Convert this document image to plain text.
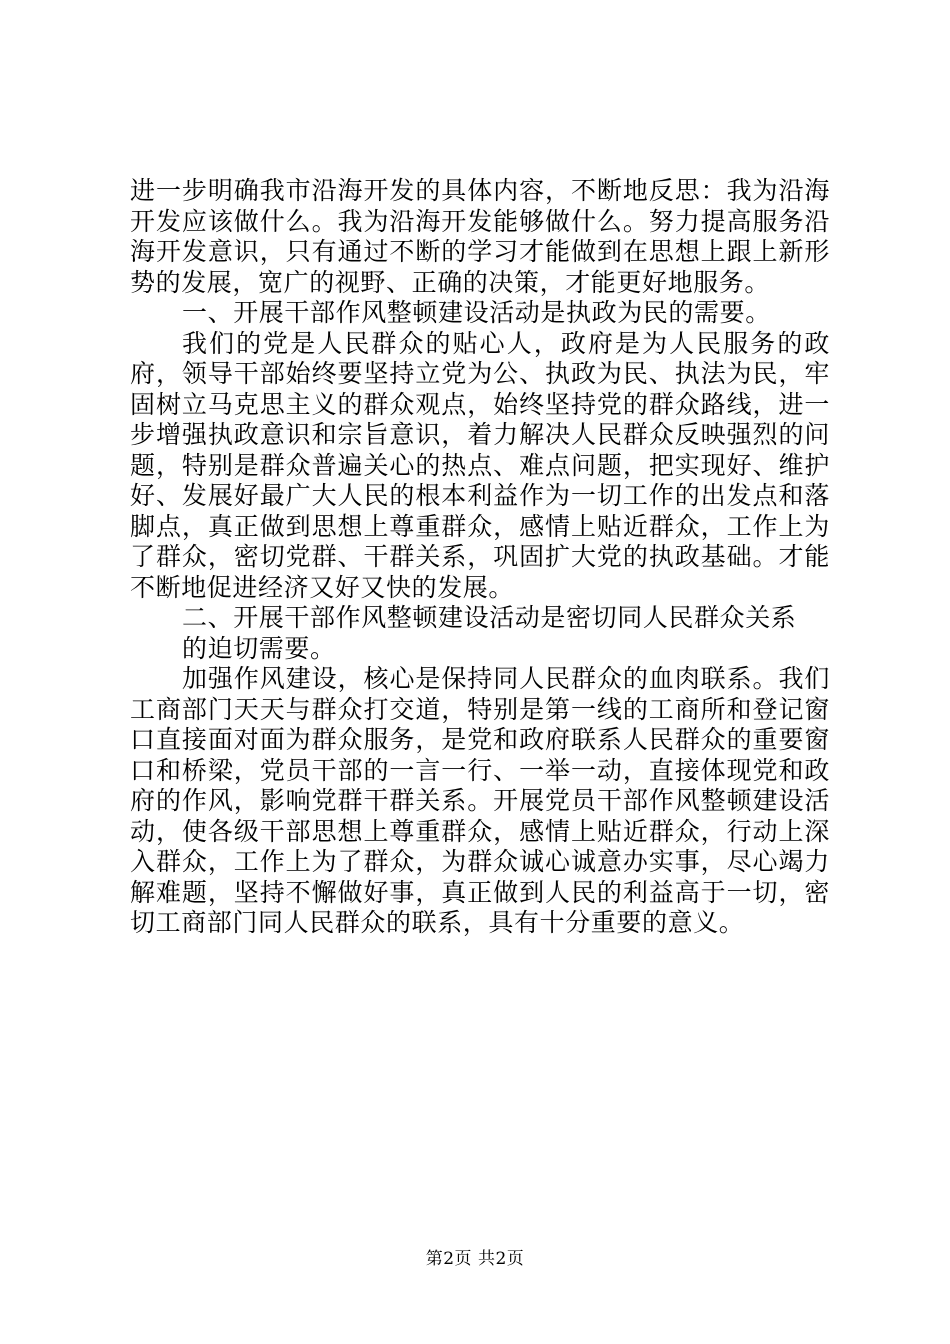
进一步明确我市沿海开发的具体内容，不断地反思：我为沿海开发应该做什么。我为沿海开发能够做什么。努力提高服务沿海开发意识，只有通过不断的学习才能做到在思想上跟上新形势的发展，宽广的视野、正确的决策，才能更好地服务。

一、开展干部作风整顿建设活动是执政为民的需要。

我们的党是人民群众的贴心人，政府是为人民服务的政府，领导干部始终要坚持立党为公、执政为民、执法为民，牢固树立马克思主义的群众观点，始终坚持党的群众路线，进一步增强执政意识和宗旨意识，着力解决人民群众反映强烈的问题，特别是群众普遍关心的热点、难点问题，把实现好、维护好、发展好最广大人民的根本利益作为一切工作的出发点和落脚点，真正做到思想上尊重群众，感情上贴近群众，工作上为了群众，密切党群、干群关系，巩固扩大党的执政基础。才能不断地促进经济又好又快的发展。

二、开展干部作风整顿建设活动是密切同人民群众关系
的迫切需要。

加强作风建设，核心是保持同人民群众的血肉联系。我们工商部门天天与群众打交道，特别是第一线的工商所和登记窗口直接面对面为群众服务，是党和政府联系人民群众的重要窗口和桥梁，党员干部的一言一行、一举一动，直接体现党和政府的作风，影响党群干群关系。开展党员干部作风整顿建设活动，使各级干部思想上尊重群众，感情上贴近群众，行动上深入群众，工作上为了群众，为群众诚心诚意办实事，尽心竭力解难题，坚持不懈做好事，真正做到人民的利益高于一切，密切工商部门同人民群众的联系，具有十分重要的意义。

第2页 共2页
